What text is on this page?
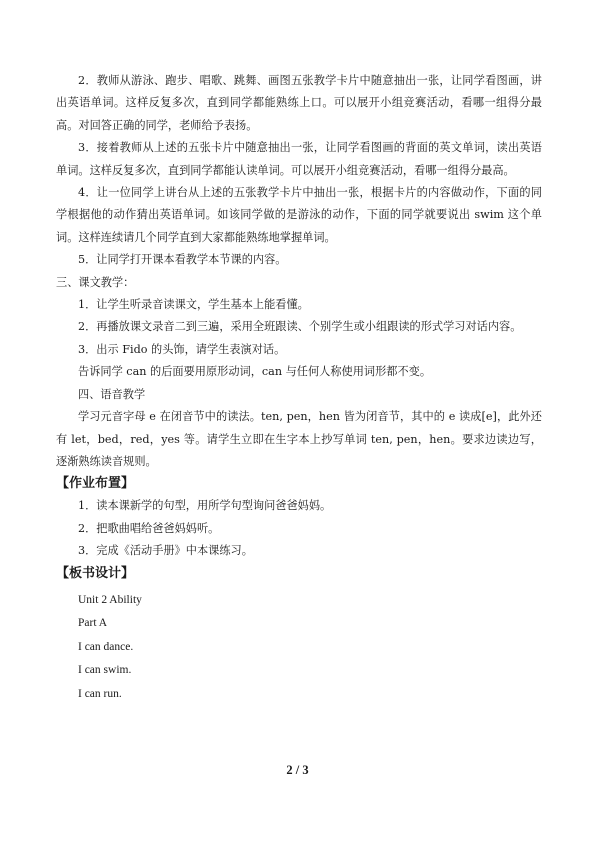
2．教师从游泳、跑步、唱歌、跳舞、画图五张教学卡片中随意抽出一张，让同学看图画，讲出英语单词。这样反复多次，直到同学都能熟练上口。可以展开小组竞赛活动，看哪一组得分最高。对回答正确的同学，老师给予表扬。

3．接着教师从上述的五张卡片中随意抽出一张，让同学看图画的背面的英文单词，读出英语单词。这样反复多次，直到同学都能认读单词。可以展开小组竞赛活动，看哪一组得分最高。

4．让一位同学上讲台从上述的五张教学卡片中抽出一张，根据卡片的内容做动作，下面的同学根据他的动作猜出英语单词。如该同学做的是游泳的动作，下面的同学就要说出 swim 这个单词。这样连续请几个同学直到大家都能熟练地掌握单词。

5．让同学打开课本看教学本节课的内容。

三、课文教学：

1．让学生听录音读课文，学生基本上能看懂。

2．再播放课文录音二到三遍，采用全班跟读、个别学生或小组跟读的形式学习对话内容。

3．出示 Fido 的头饰，请学生表演对话。

告诉同学 can 的后面要用原形动词，can 与任何人称使用词形都不变。

四、语音教学

学习元音字母 e 在闭音节中的读法。ten, pen，hen 皆为闭音节，其中的 e 读成[e]，此外还有 let，bed，red，yes 等。请学生立即在生字本上抄写单词 ten, pen，hen。要求边读边写，逐渐熟练读音规则。

【作业布置】

1．读本课新学的句型，用所学句型询问爸爸妈妈。

2．把歌曲唱给爸爸妈妈听。

3．完成《活动手册》中本课练习。

【板书设计】

Unit 2 Ability

Part A

I can dance.

I can swim.

I can run.

2 / 3
